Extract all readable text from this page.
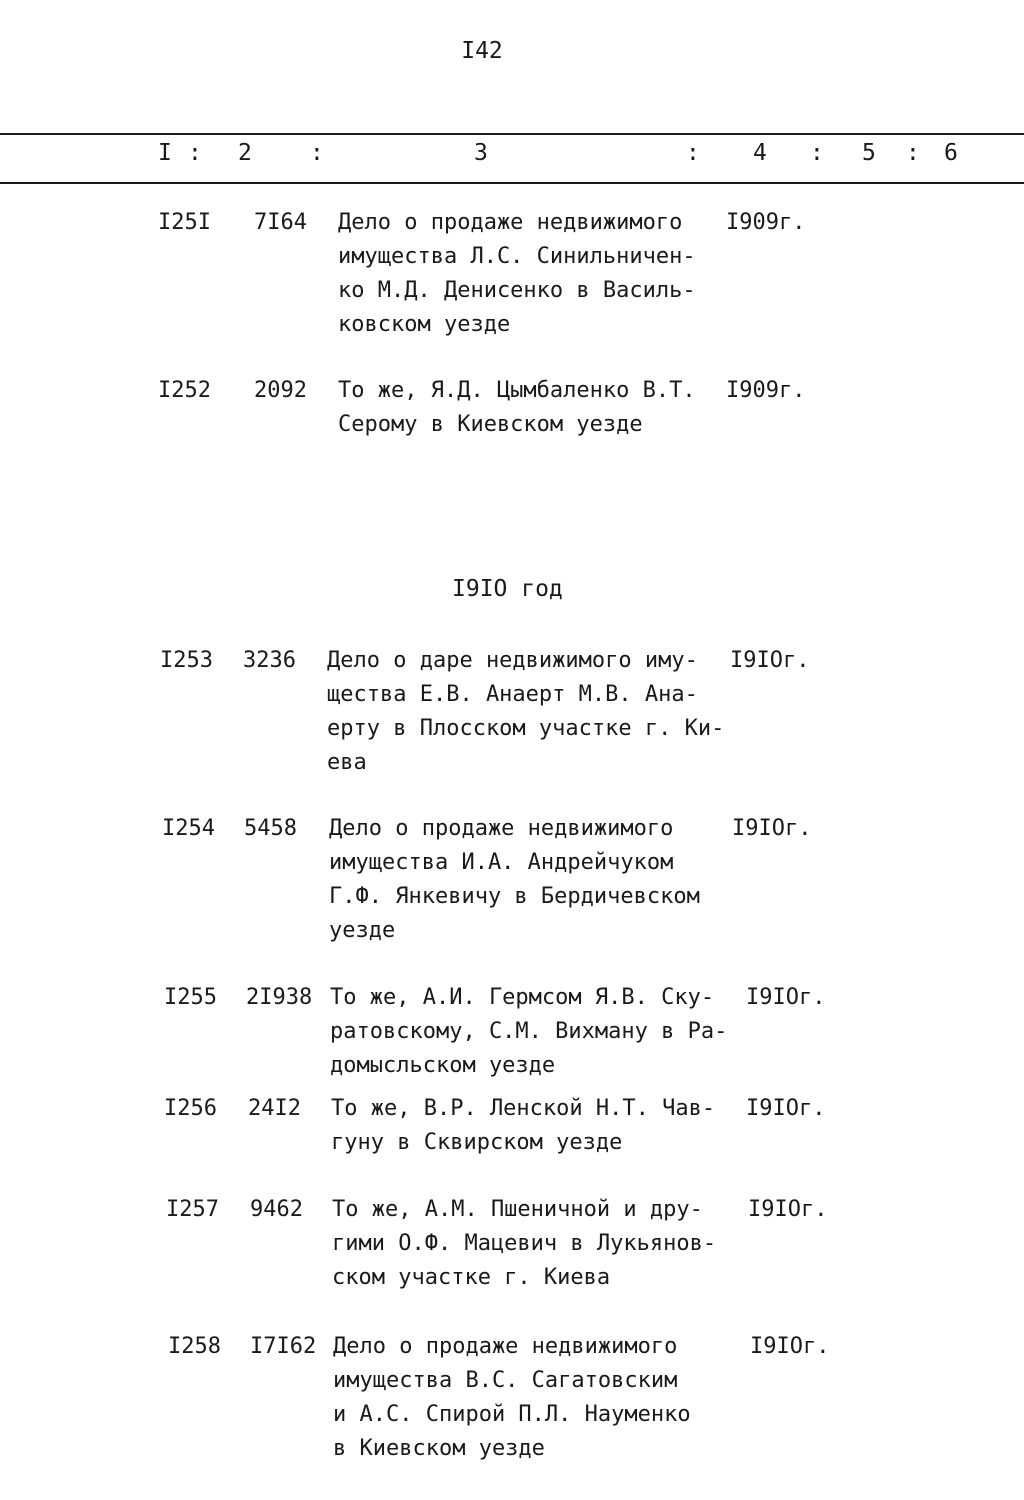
I42
I : 2	:	3	: 4 : 5 : 6
I25I 7I64 Дело о продаже недвижимого
имущества Л.С. Синильничен-
ко М.Д. Денисенко в Василь-
ковском уезде
I909г.
I252 2092 То же, Я.Д. Цымбаленко В.Т.
Серому в Киевском уезде
I909г.
I9IO год
I253 3236 Дело о даре недвижимого иму-
щества Е.В. Анаерт М.В. Ана-
ерту в Плосском участке г. Ки-
ева
I9IOг.
I254 5458 Дело о продаже недвижимого
имущества И.А. Андрейчуком
Г.Ф. Янкевичу в Бердичевском
уезде
I9IOг.
I255 2I938 То же, А.И. Гермсом Я.В. Ску-
ратовскому, С.М. Вихману в Ра-
домысльском уезде
I9IOг.
I256 24I2 То же, В.Р. Ленской Н.Т. Чав-
гуну в Сквирском уезде
I9IOг.
I257 9462 То же, А.М. Пшеничной и дру-
гими О.Ф. Мацевич в Лукьянов-
ском участке г. Киева
I9IOг.
I258 I7I62 Дело о продаже недвижимого
имущества В.С. Сагатовским
и А.С. Спирой П.Л. Науменко
в Киевском уезде
I9IOг.
